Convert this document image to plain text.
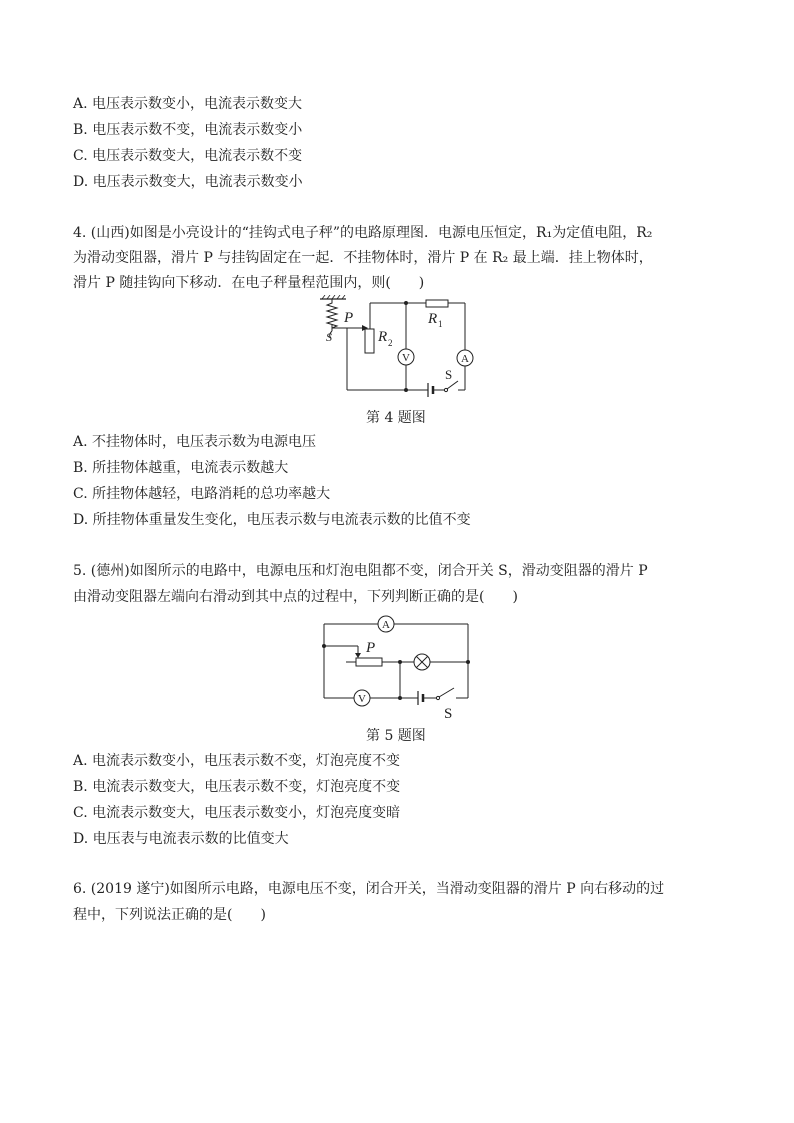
A. 电压表示数变小，电流表示数变大
B. 电压表示数不变，电流表示数变小
C. 电压表示数变大，电流表示数不变
D. 电压表示数变大，电流表示数变小
4. (山西)如图是小亮设计的“挂钩式电子秤”的电路原理图．电源电压恒定，R₁为定值电阻，R₂
为滑动变阻器，滑片 P 与挂钩固定在一起．不挂物体时，滑片 P 在 R₂ 最上端．挂上物体时，
滑片 P 随挂钩向下移动．在电子秤量程范围内，则(　　)
S
P
R 2
R 1
A
V
S
第 4 题图
A. 不挂物体时，电压表示数为电源电压
B. 所挂物体越重，电流表示数越大
C. 所挂物体越轻，电路消耗的总功率越大
D. 所挂物体重量发生变化，电压表示数与电流表示数的比值不变
5. (德州)如图所示的电路中，电源电压和灯泡电阻都不变，闭合开关 S，滑动变阻器的滑片 P
由滑动变阻器左端向右滑动到其中点的过程中，下列判断正确的是(　　)
A
P
V
S
第 5 题图
A. 电流表示数变小，电压表示数不变，灯泡亮度不变
B. 电流表示数变大，电压表示数不变，灯泡亮度不变
C. 电流表示数变大，电压表示数变小，灯泡亮度变暗
D. 电压表与电流表示数的比值变大
6. (2019 遂宁)如图所示电路，电源电压不变，闭合开关，当滑动变阻器的滑片 P 向右移动的过
程中，下列说法正确的是(　　)
